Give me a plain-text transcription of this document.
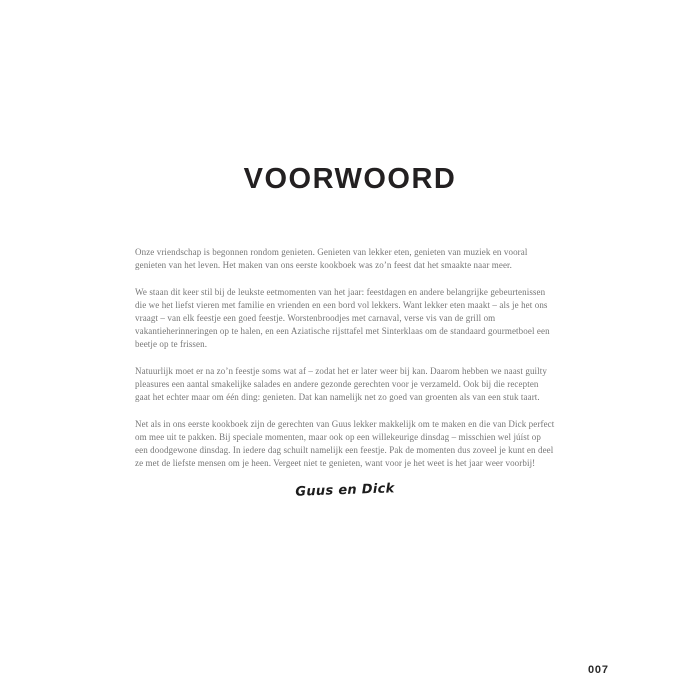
VOORWOORD

Onze vriendschap is begonnen rondom genieten. Genieten van lekker eten, genieten van muziek en vooral genieten van het leven. Het maken van ons eerste kookboek was zo’n feest dat het smaakte naar meer.

We staan dit keer stil bij de leukste eetmomenten van het jaar: feestdagen en andere belangrijke gebeurtenissen die we het liefst vieren met familie en vrienden en een bord vol lekkers. Want lekker eten maakt – als je het ons vraagt – van elk feestje een goed feestje. Worstenbroodjes met carnaval, verse vis van de grill om vakantieherinneringen op te halen, en een Aziatische rijsttafel met Sinterklaas om de standaard gourmetboel een beetje op te frissen.

Natuurlijk moet er na zo’n feestje soms wat af – zodat het er later weer bij kan. Daarom hebben we naast guilty pleasures een aantal smakelijke salades en andere gezonde gerechten voor je verzameld. Ook bij die recepten gaat het echter maar om één ding: genieten. Dat kan namelijk net zo goed van groenten als van een stuk taart.

Net als in ons eerste kookboek zijn de gerechten van Guus lekker makkelijk om te maken en die van Dick perfect om mee uit te pakken. Bij speciale momenten, maar ook op een willekeurige dinsdag – misschien wel júíst op een doodgewone dinsdag. In iedere dag schuilt namelijk een feestje. Pak de momenten dus zoveel je kunt en deel ze met de liefste mensen om je heen. Vergeet niet te genieten, want voor je het weet is het jaar weer voorbij!

Guus en Dick
007
